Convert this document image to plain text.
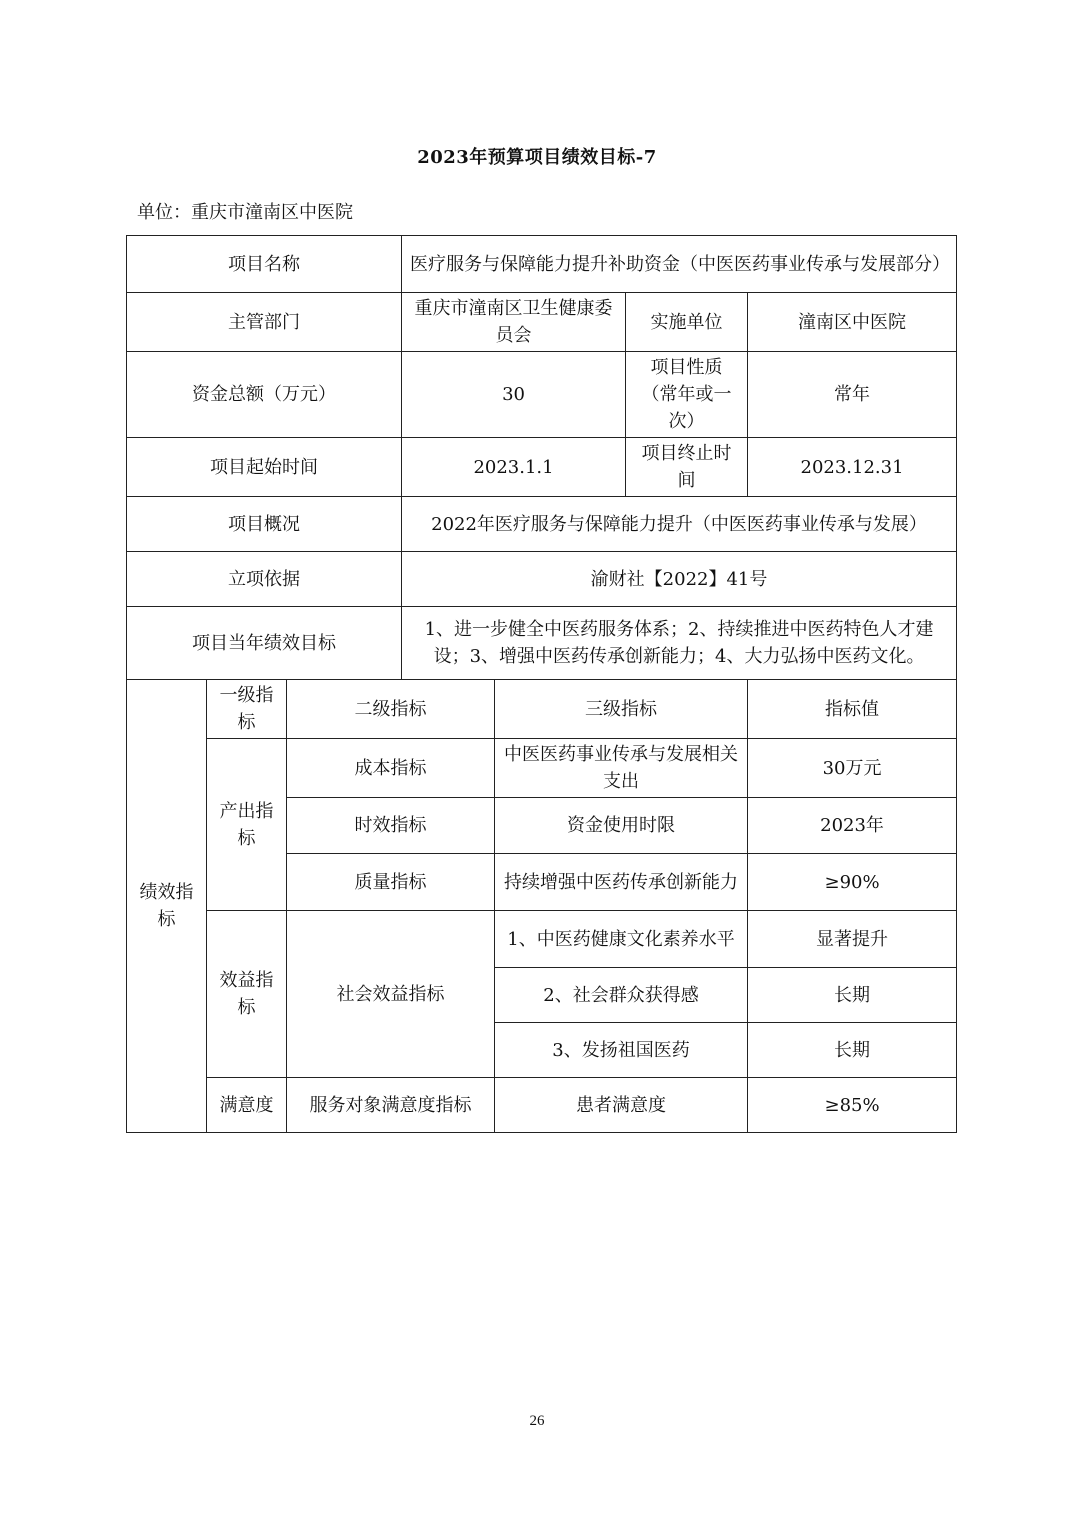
2023年预算项目绩效目标-7
单位：重庆市潼南区中医院
项目名称			医疗服务与保障能力提升补助资金（中医医药事业传承与发展部分）			
主管部门			重庆市潼南区卫生健康委员会		实施单位	潼南区中医院
资金总额（万元）			30		项目性质（常年或一次）	常年
项目起始时间			2023.1.1		项目终止时间	2023.12.31
项目概况			2022年医疗服务与保障能力提升（中医医药事业传承与发展）			
立项依据			渝财社【2022】41号			
项目当年绩效目标			1、进一步健全中医药服务体系；2、持续推进中医药特色人才建设；3、增强中医药传承创新能力；4、大力弘扬中医药文化。			
绩效指标	一级指标	二级指标		三级指标		指标值
	产出指标	成本指标		中医医药事业传承与发展相关支出		30万元
		时效指标		资金使用时限		2023年
		质量指标		持续增强中医药传承创新能力		≥90%
	效益指标	社会效益指标		1、中医药健康文化素养水平		显著提升
				2、社会群众获得感		长期
				3、发扬祖国医药		长期
	满意度	服务对象满意度指标		患者满意度		≥85%
26
